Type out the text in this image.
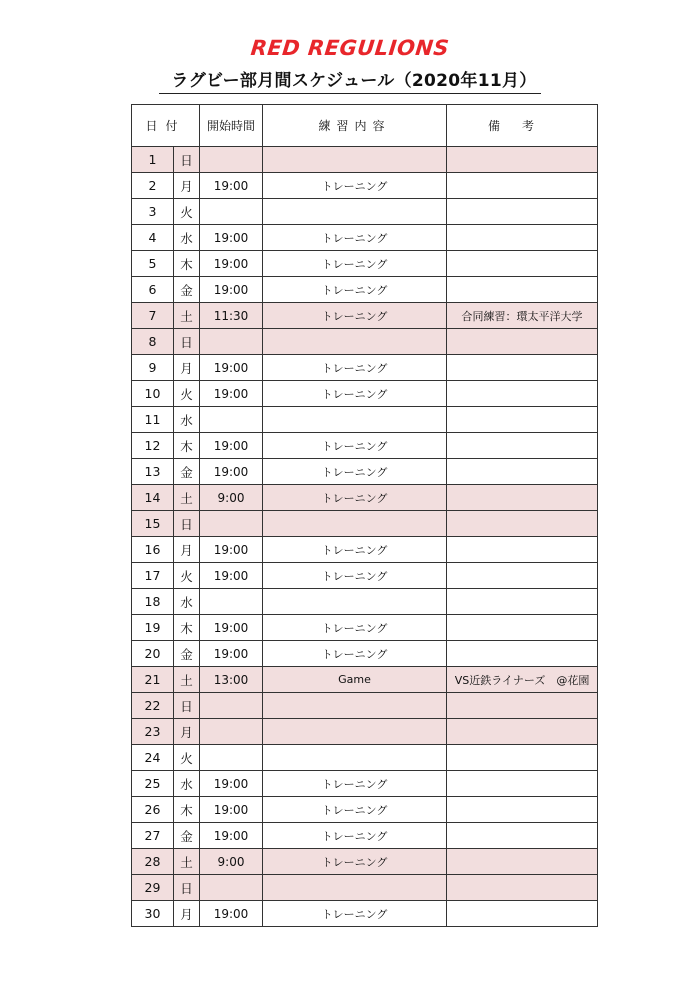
RED REGULIONS
ラグビー部月間スケジュール（2020年11月）
日付		開始時間	練習内容	備考
1	日			
2	月	19:00	トレーニング	
3	火			
4	水	19:00	トレーニング	
5	木	19:00	トレーニング	
6	金	19:00	トレーニング	
7	土	11:30	トレーニング	合同練習：環太平洋大学
8	日			
9	月	19:00	トレーニング	
10	火	19:00	トレーニング	
11	水			
12	木	19:00	トレーニング	
13	金	19:00	トレーニング	
14	土	9:00	トレーニング	
15	日			
16	月	19:00	トレーニング	
17	火	19:00	トレーニング	
18	水			
19	木	19:00	トレーニング	
20	金	19:00	トレーニング	
21	土	13:00	Game	VS近鉄ライナーズ　@花園
22	日			
23	月			
24	火			
25	水	19:00	トレーニング	
26	木	19:00	トレーニング	
27	金	19:00	トレーニング	
28	土	9:00	トレーニング	
29	日			
30	月	19:00	トレーニング	
